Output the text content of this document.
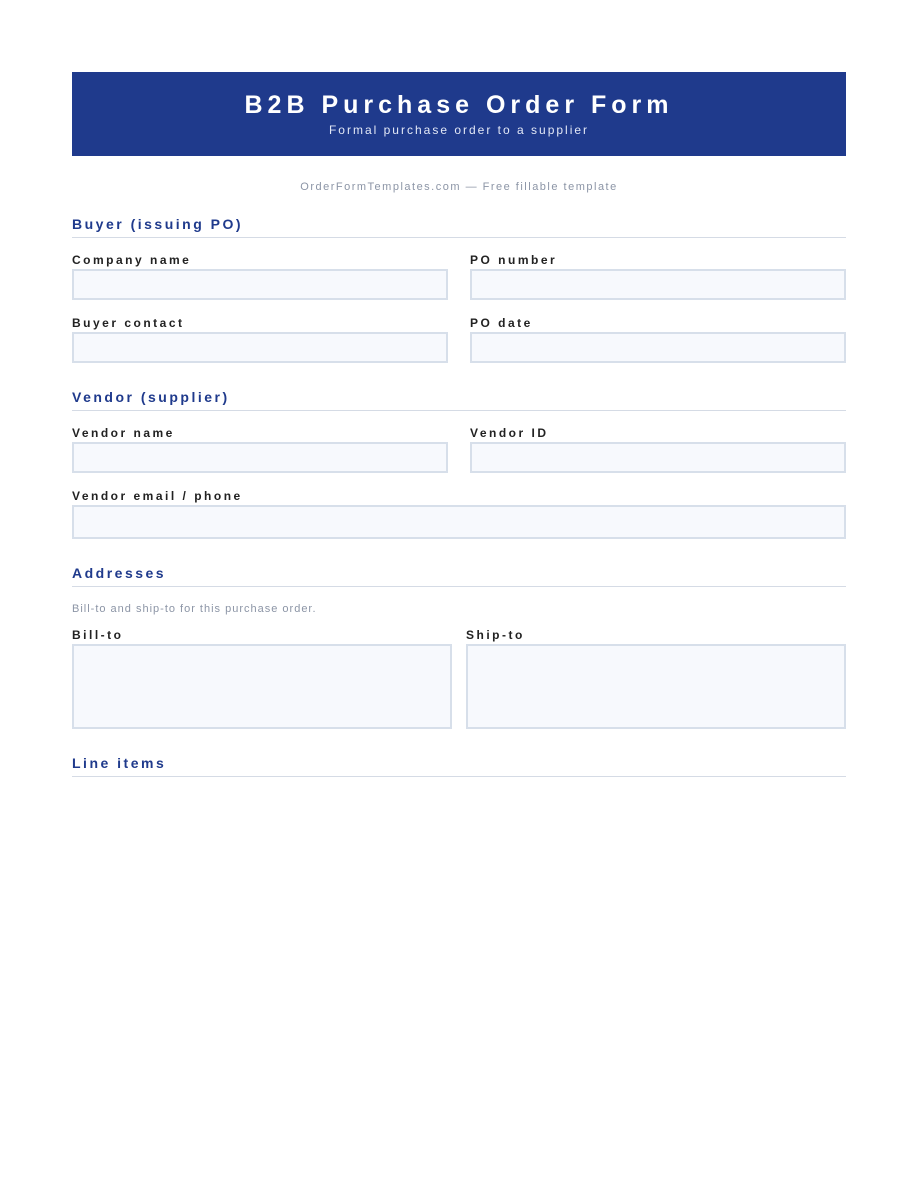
B2B Purchase Order Form
Formal purchase order to a supplier
OrderFormTemplates.com — Free fillable template
Buyer (issuing PO)
Company name	PO number
Buyer contact	PO date
Vendor (supplier)
Vendor name	Vendor ID
Vendor email / phone
Addresses
Bill-to and ship-to for this purchase order.
Bill-to	Ship-to
Line items
